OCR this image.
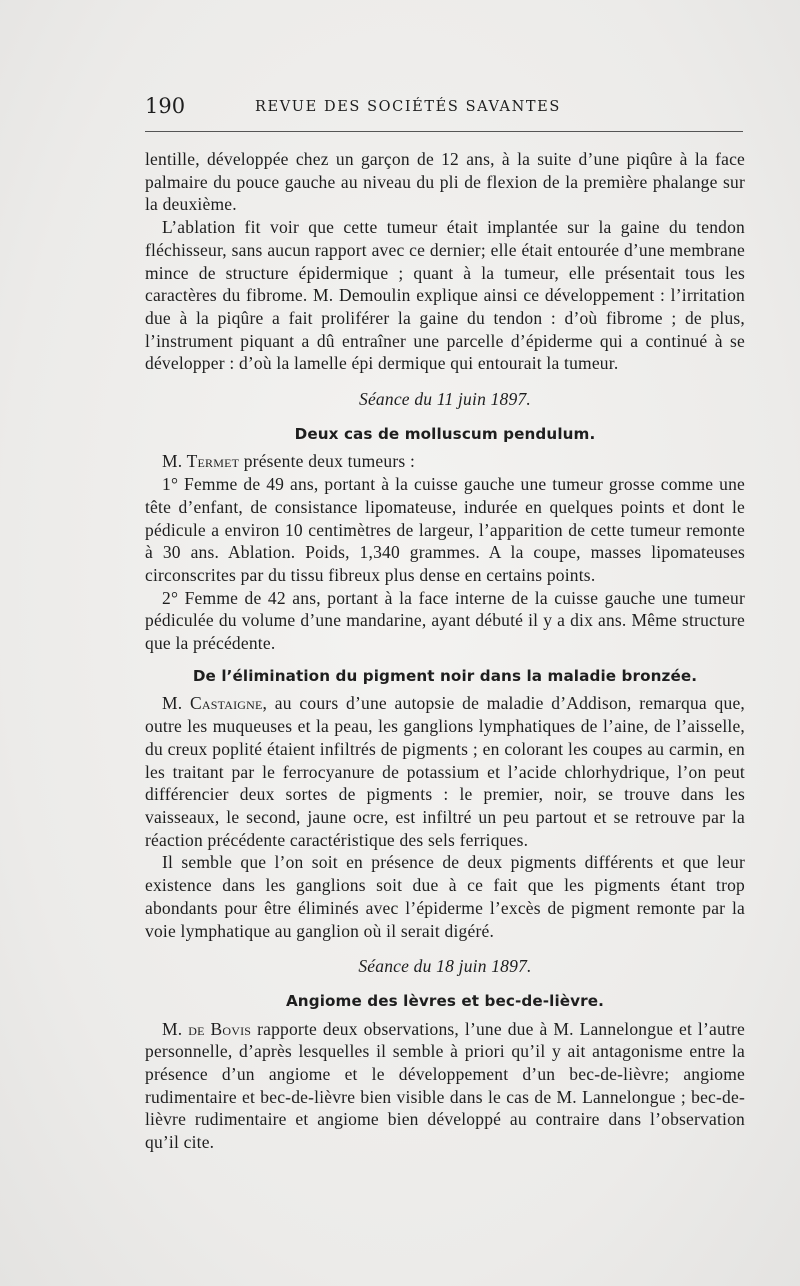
190	REVUE DES SOCIÉTÉS SAVANTES

lentille, développée chez un garçon de 12 ans, à la suite d’une piqûre à la face palmaire du pouce gauche au niveau du pli de flexion de la première phalange sur la deuxième.

L’ablation fit voir que cette tumeur était implantée sur la gaine du tendon fléchisseur, sans aucun rapport avec ce dernier; elle était entourée d’une membrane mince de structure épidermique ; quant à la tumeur, elle présentait tous les caractères du fibrome. M. Demoulin explique ainsi ce développement : l’irritation due à la piqûre a fait proliférer la gaine du tendon : d’où fibrome ; de plus, l’instrument piquant a dû entraîner une parcelle d’épiderme qui a continué à se développer : d’où la lamelle épi dermique qui entourait la tumeur.

Séance du 11 juin 1897.

Deux cas de molluscum pendulum.

M. Termet présente deux tumeurs :

1° Femme de 49 ans, portant à la cuisse gauche une tumeur grosse comme une tête d’enfant, de consistance lipomateuse, indurée en quelques points et dont le pédicule a environ 10 centimètres de largeur, l’apparition de cette tumeur remonte à 30 ans. Ablation. Poids, 1,340 grammes. A la coupe, masses lipomateuses circonscrites par du tissu fibreux plus dense en certains points.

2° Femme de 42 ans, portant à la face interne de la cuisse gauche une tumeur pédiculée du volume d’une mandarine, ayant débuté il y a dix ans. Même structure que la précédente.

De l’élimination du pigment noir dans la maladie bronzée.

M. Castaigne, au cours d’une autopsie de maladie d’Addison, remarqua que, outre les muqueuses et la peau, les ganglions lymphatiques de l’aine, de l’aisselle, du creux poplité étaient infiltrés de pigments ; en colorant les coupes au carmin, en les traitant par le ferrocyanure de potassium et l’acide chlorhydrique, l’on peut différencier deux sortes de pigments : le premier, noir, se trouve dans les vaisseaux, le second, jaune ocre, est infiltré un peu partout et se retrouve par la réaction précédente caractéristique des sels ferriques.

Il semble que l’on soit en présence de deux pigments différents et que leur existence dans les ganglions soit due à ce fait que les pigments étant trop abondants pour être éliminés avec l’épiderme l’excès de pigment remonte par la voie lymphatique au ganglion où il serait digéré.

Séance du 18 juin 1897.

Angiome des lèvres et bec-de-lièvre.

M. de Bovis rapporte deux observations, l’une due à M. Lannelongue et l’autre personnelle, d’après lesquelles il semble à priori qu’il y ait antagonisme entre la présence d’un angiome et le développement d’un bec-de-lièvre; angiome rudimentaire et bec-de-lièvre bien visible dans le cas de M. Lannelongue ; bec-de-lièvre rudimentaire et angiome bien développé au contraire dans l’observation qu’il cite.
